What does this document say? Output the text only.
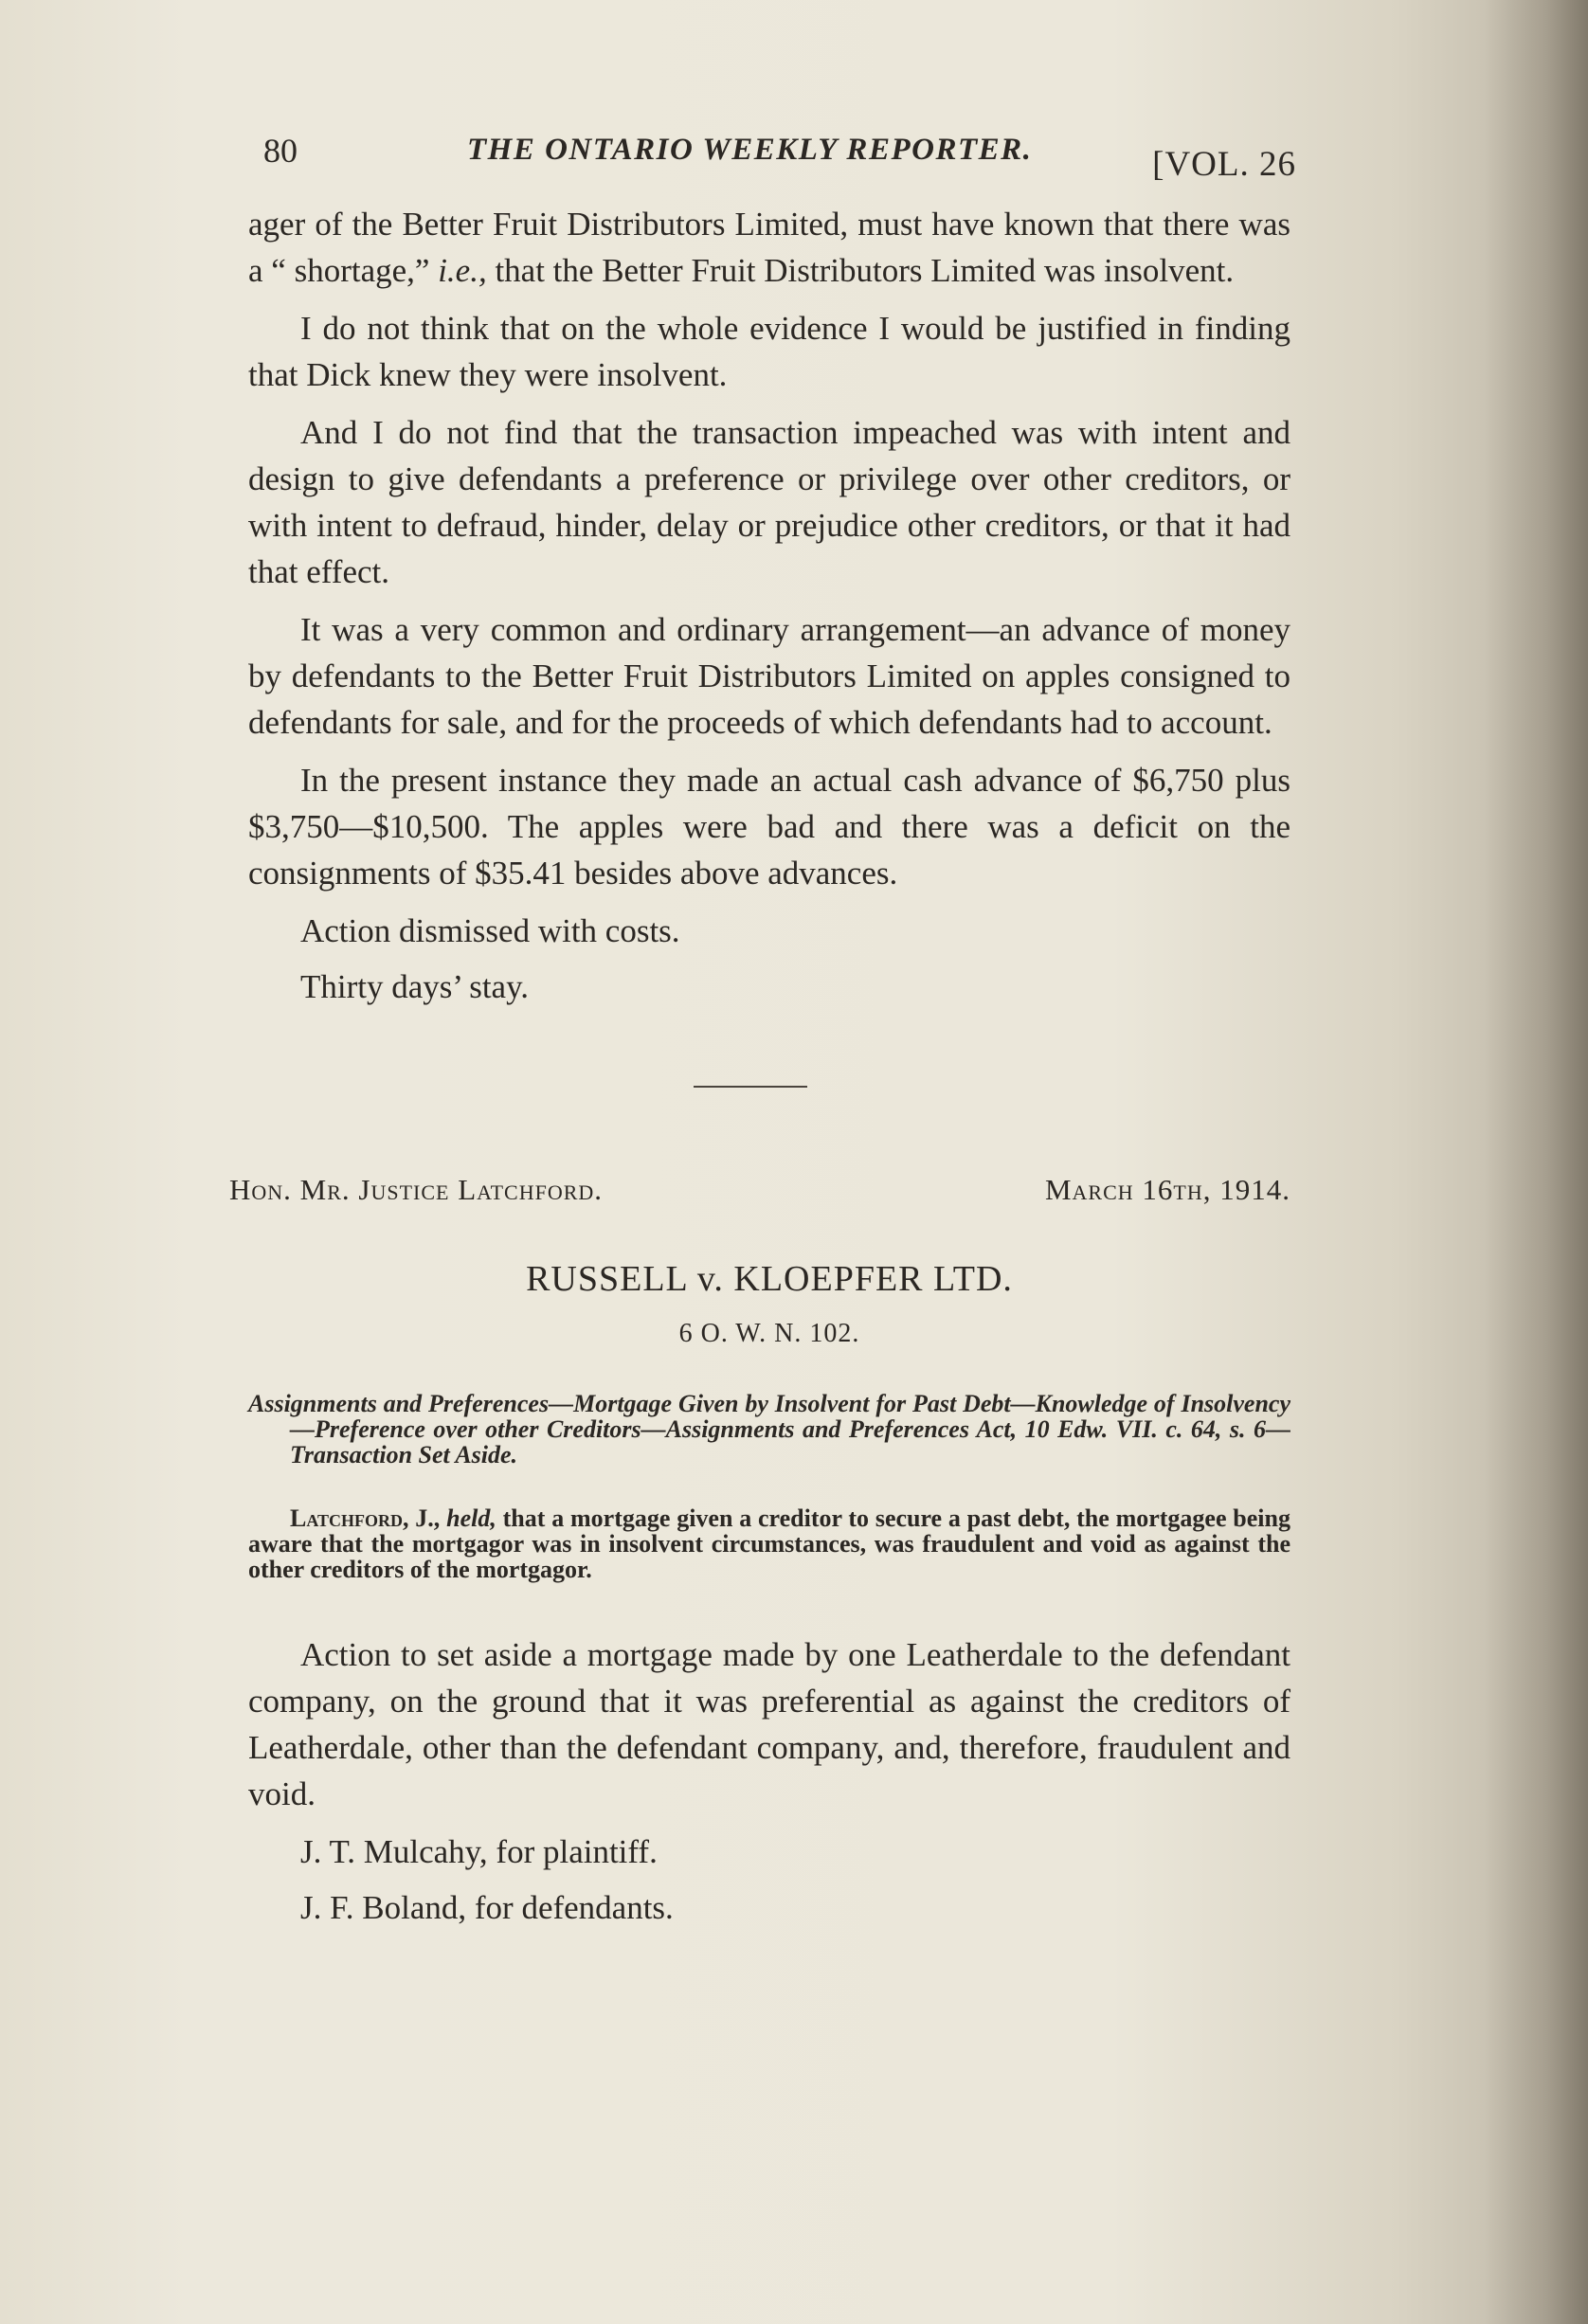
80	THE ONTARIO WEEKLY REPORTER.	[VOL. 26

ager of the Better Fruit Distributors Limited, must have known that there was a “ shortage,” i.e., that the Better Fruit Distributors Limited was insolvent.

I do not think that on the whole evidence I would be justified in finding that Dick knew they were insolvent.

And I do not find that the transaction impeached was with intent and design to give defendants a preference or privilege over other creditors, or with intent to defraud, hinder, delay or prejudice other creditors, or that it had that effect.

It was a very common and ordinary arrangement—an advance of money by defendants to the Better Fruit Distributors Limited on apples consigned to defendants for sale, and for the proceeds of which defendants had to account.

In the present instance they made an actual cash advance of $6,750 plus $3,750—$10,500. The apples were bad and there was a deficit on the consignments of $35.41 besides above advances.

Action dismissed with costs.

Thirty days’ stay.

Hon. Mr. Justice Latchford.	March 16th, 1914.

RUSSELL v. KLOEPFER LTD.

6 O. W. N. 102.

Assignments and Preferences—Mortgage Given by Insolvent for Past Debt—Knowledge of Insolvency—Preference over other Creditors—Assignments and Preferences Act, 10 Edw. VII. c. 64, s. 6—Transaction Set Aside.

Latchford, J., held, that a mortgage given a creditor to secure a past debt, the mortgagee being aware that the mortgagor was in insolvent circumstances, was fraudulent and void as against the other creditors of the mortgagor.

Action to set aside a mortgage made by one Leatherdale to the defendant company, on the ground that it was preferential as against the creditors of Leatherdale, other than the defendant company, and, therefore, fraudulent and void.

J. T. Mulcahy, for plaintiff.

J. F. Boland, for defendants.
